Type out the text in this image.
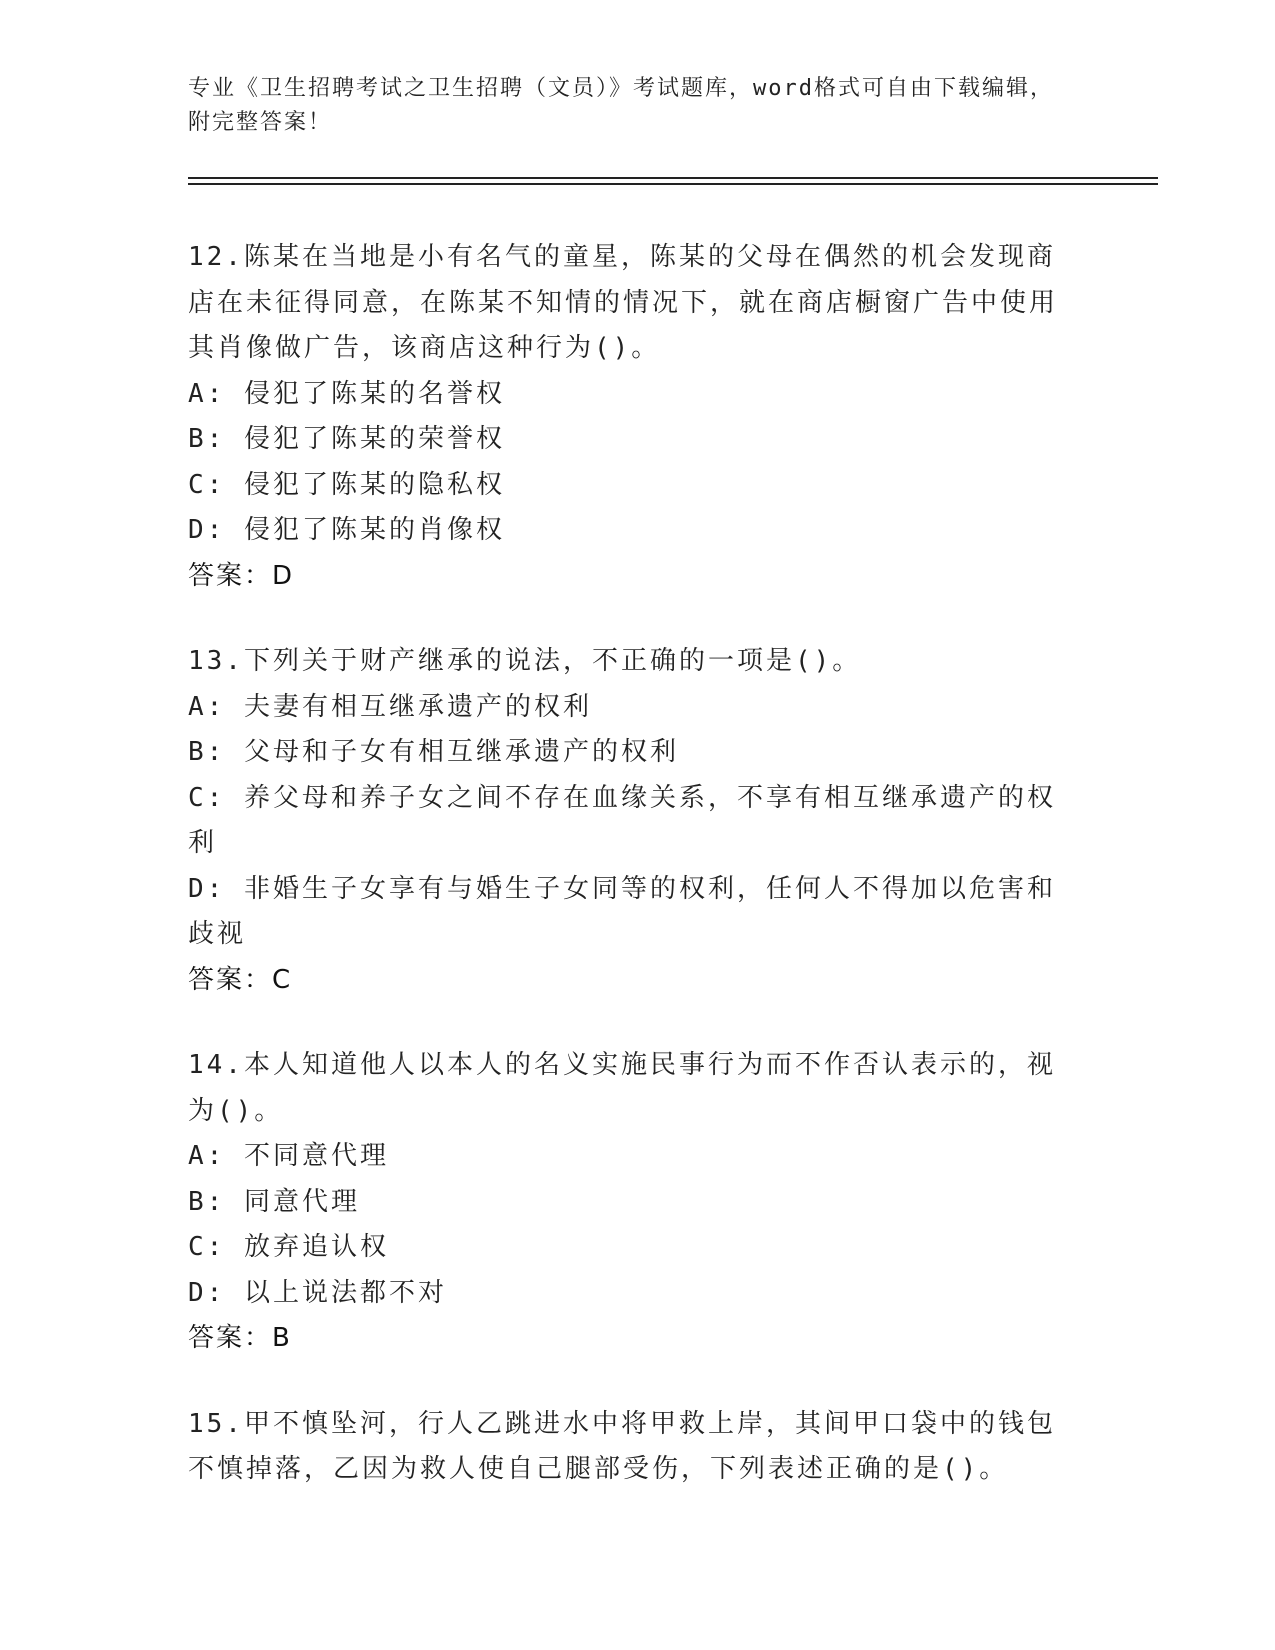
专业《卫生招聘考试之卫生招聘（文员）》考试题库，word格式可自由下载编辑，附完整答案！
12.陈某在当地是小有名气的童星，陈某的父母在偶然的机会发现商店在未征得同意，在陈某不知情的情况下，就在商店橱窗广告中使用其肖像做广告，该商店这种行为()。
A: 侵犯了陈某的名誉权
B: 侵犯了陈某的荣誉权
C: 侵犯了陈某的隐私权
D: 侵犯了陈某的肖像权
答案：D
13.下列关于财产继承的说法，不正确的一项是()。
A: 夫妻有相互继承遗产的权利
B: 父母和子女有相互继承遗产的权利
C: 养父母和养子女之间不存在血缘关系，不享有相互继承遗产的权利
D: 非婚生子女享有与婚生子女同等的权利，任何人不得加以危害和歧视
答案：C
14.本人知道他人以本人的名义实施民事行为而不作否认表示的，视为()。
A: 不同意代理
B: 同意代理
C: 放弃追认权
D: 以上说法都不对
答案：B
15.甲不慎坠河，行人乙跳进水中将甲救上岸，其间甲口袋中的钱包不慎掉落，乙因为救人使自己腿部受伤，下列表述正确的是()。
